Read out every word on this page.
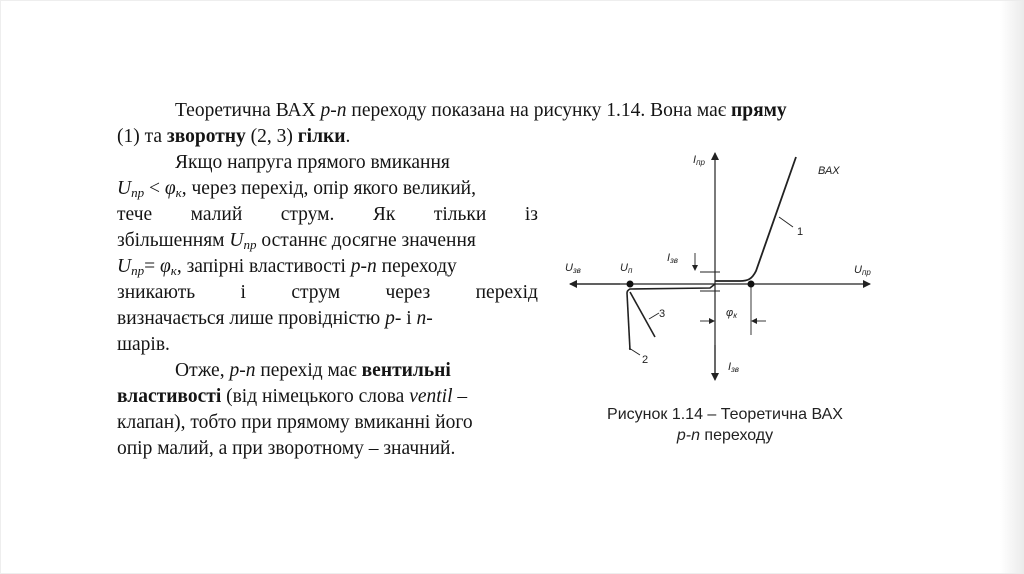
Теоретична ВАХ p-n переходу показана на рисунку 1.14. Вона має пряму
(1) та зворотну (2, 3) гілки.
Якщо напруга прямого вмикання
$U_{пр} < \varphi_к$, через перехід, опір якого великий,
тече малий струм. Як тільки із
збільшенням $U_{пр}$ останнє досягне значення
$U_{пр}= \varphi_к$, запірні властивості p-n переходу
зникають і струм через перехід
визначається лише провідністю p- і n-
шарів.
Отже, p-n перехід має вентильні
властивості (від німецького слова ventil –
клапан), тобто при прямому вмиканні його
опір малий, а при зворотному – значний.
Iпр
ВАХ
1
Uзв	Uп
Iзв
Uпр
φк
3
2
Iзв
Рисунок 1.14 – Теоретична ВАХ
p-n переходу
